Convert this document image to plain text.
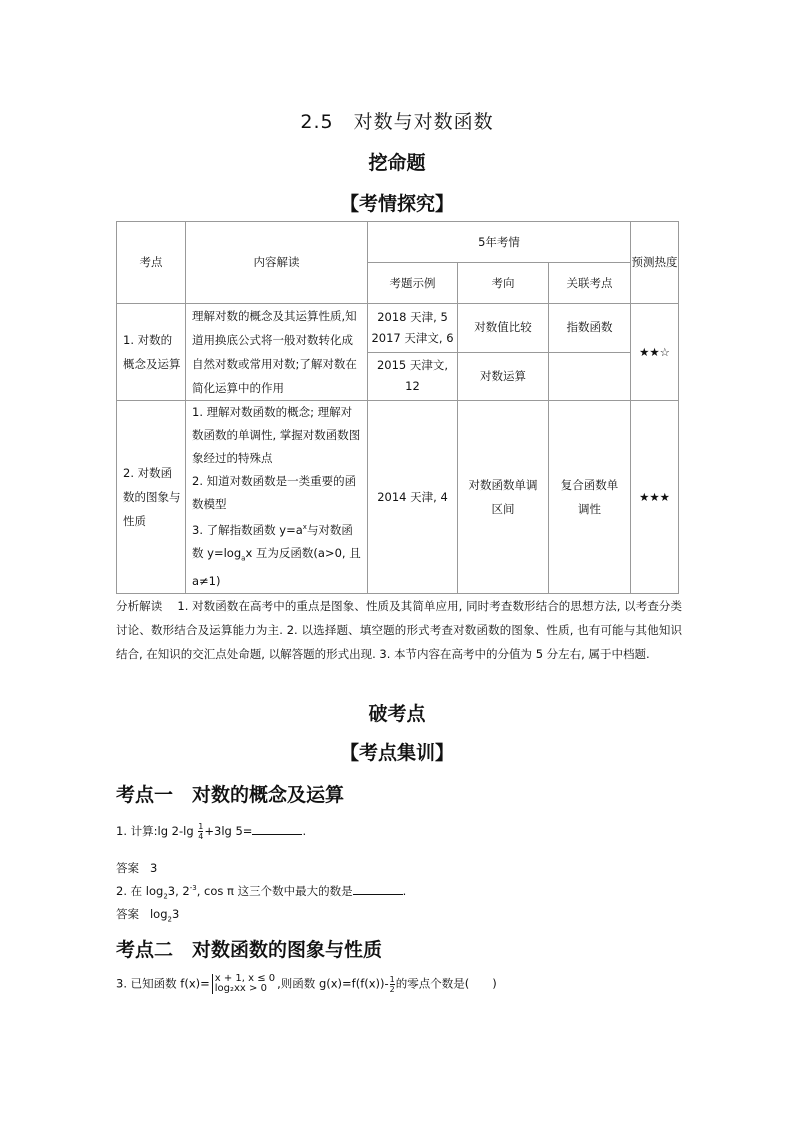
2.5　对数与对数函数
挖命题
【考情探究】
考点	内容解读	5年考情			预测热度
		考题示例	考向	关联考点	
1. 对数的概念及运算	理解对数的概念及其运算性质,知道用换底公式将一般对数转化成自然对数或常用对数;了解对数在简化运算中的作用	2018 天津, 5
2017 天津文, 6	对数值比较	指数函数	★★☆
		2015 天津文, 12	对数运算		
2. 对数函数的图象与性质	1. 理解对数函数的概念; 理解对数函数的单调性, 掌握对数函数图象经过的特殊点
2. 知道对数函数是一类重要的函数模型
3. 了解指数函数 $y=a^x$与对数函数 $y=\log_ax$ 互为反函数(a>0, 且 a≠1)	2014 天津, 4	对数函数单调区间	复合函数单调性	★★★
分析解读 1. 对数函数在高考中的重点是图象、性质及其简单应用, 同时考查数形结合的思想方法, 以考查分类讨论、数形结合及运算能力为主. 2. 以选择题、填空题的形式考查对数函数的图象、性质, 也有可能与其他知识结合, 在知识的交汇点处命题, 以解答题的形式出现. 3. 本节内容在高考中的分值为 5 分左右, 属于中档题.
破考点
【考点集训】
考点一　对数的概念及运算
1. 计算:lg $2-\lg \frac{1}{4} +3\lg$ 5=	.
答案 3
2. 在 $\log_23$, $2^{-3}$, cos π 这三个数中最大的数是	.
答案 $\log_23$
考点二　对数函数的图象与性质
3. 已知函数 f(x)= x + 1, x ≤ 0
log₂xx > 0 ,则函数 $g(x)=f(f(x))- \frac{1}{2}$ 的零点个数是(　　)
